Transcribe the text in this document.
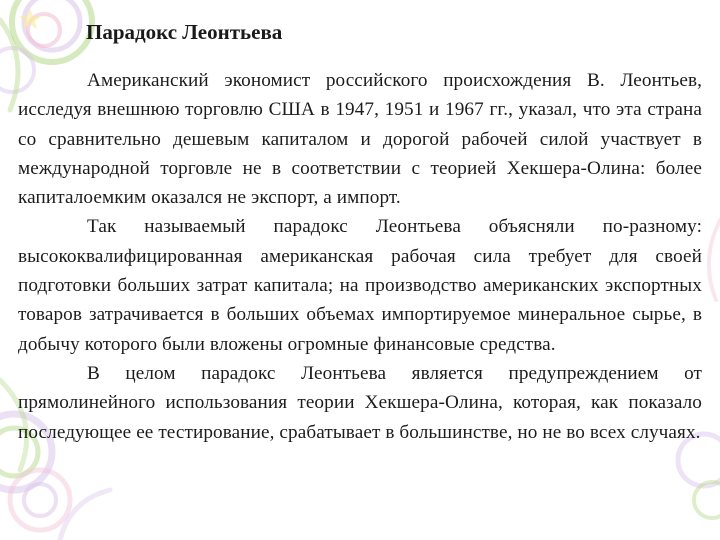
Парадокс Леонтьева

Американский экономист российского происхождения В. Леонтьев, исследуя внешнюю торговлю США в 1947, 1951 и 1967 гг., указал, что эта страна со сравнительно дешевым капиталом и дорогой рабочей силой участвует в международной торговле не в соответствии с теорией Хекшера-Олина: более капиталоемким оказался не экспорт, а импорт.

Так называемый парадокс Леонтьева объясняли по-разному: высококвалифицированная американская рабочая сила требует для своей подготовки больших затрат капитала; на производство американских экспортных товаров затрачивается в больших объемах импортируемое минеральное сырье, в добычу которого были вложены огромные финансовые средства.

В целом парадокс Леонтьева является предупреждением от прямолинейного использования теории Хекшера-Олина, которая, как показало последующее ее тестирование, срабатывает в большинстве, но не во всех случаях.
